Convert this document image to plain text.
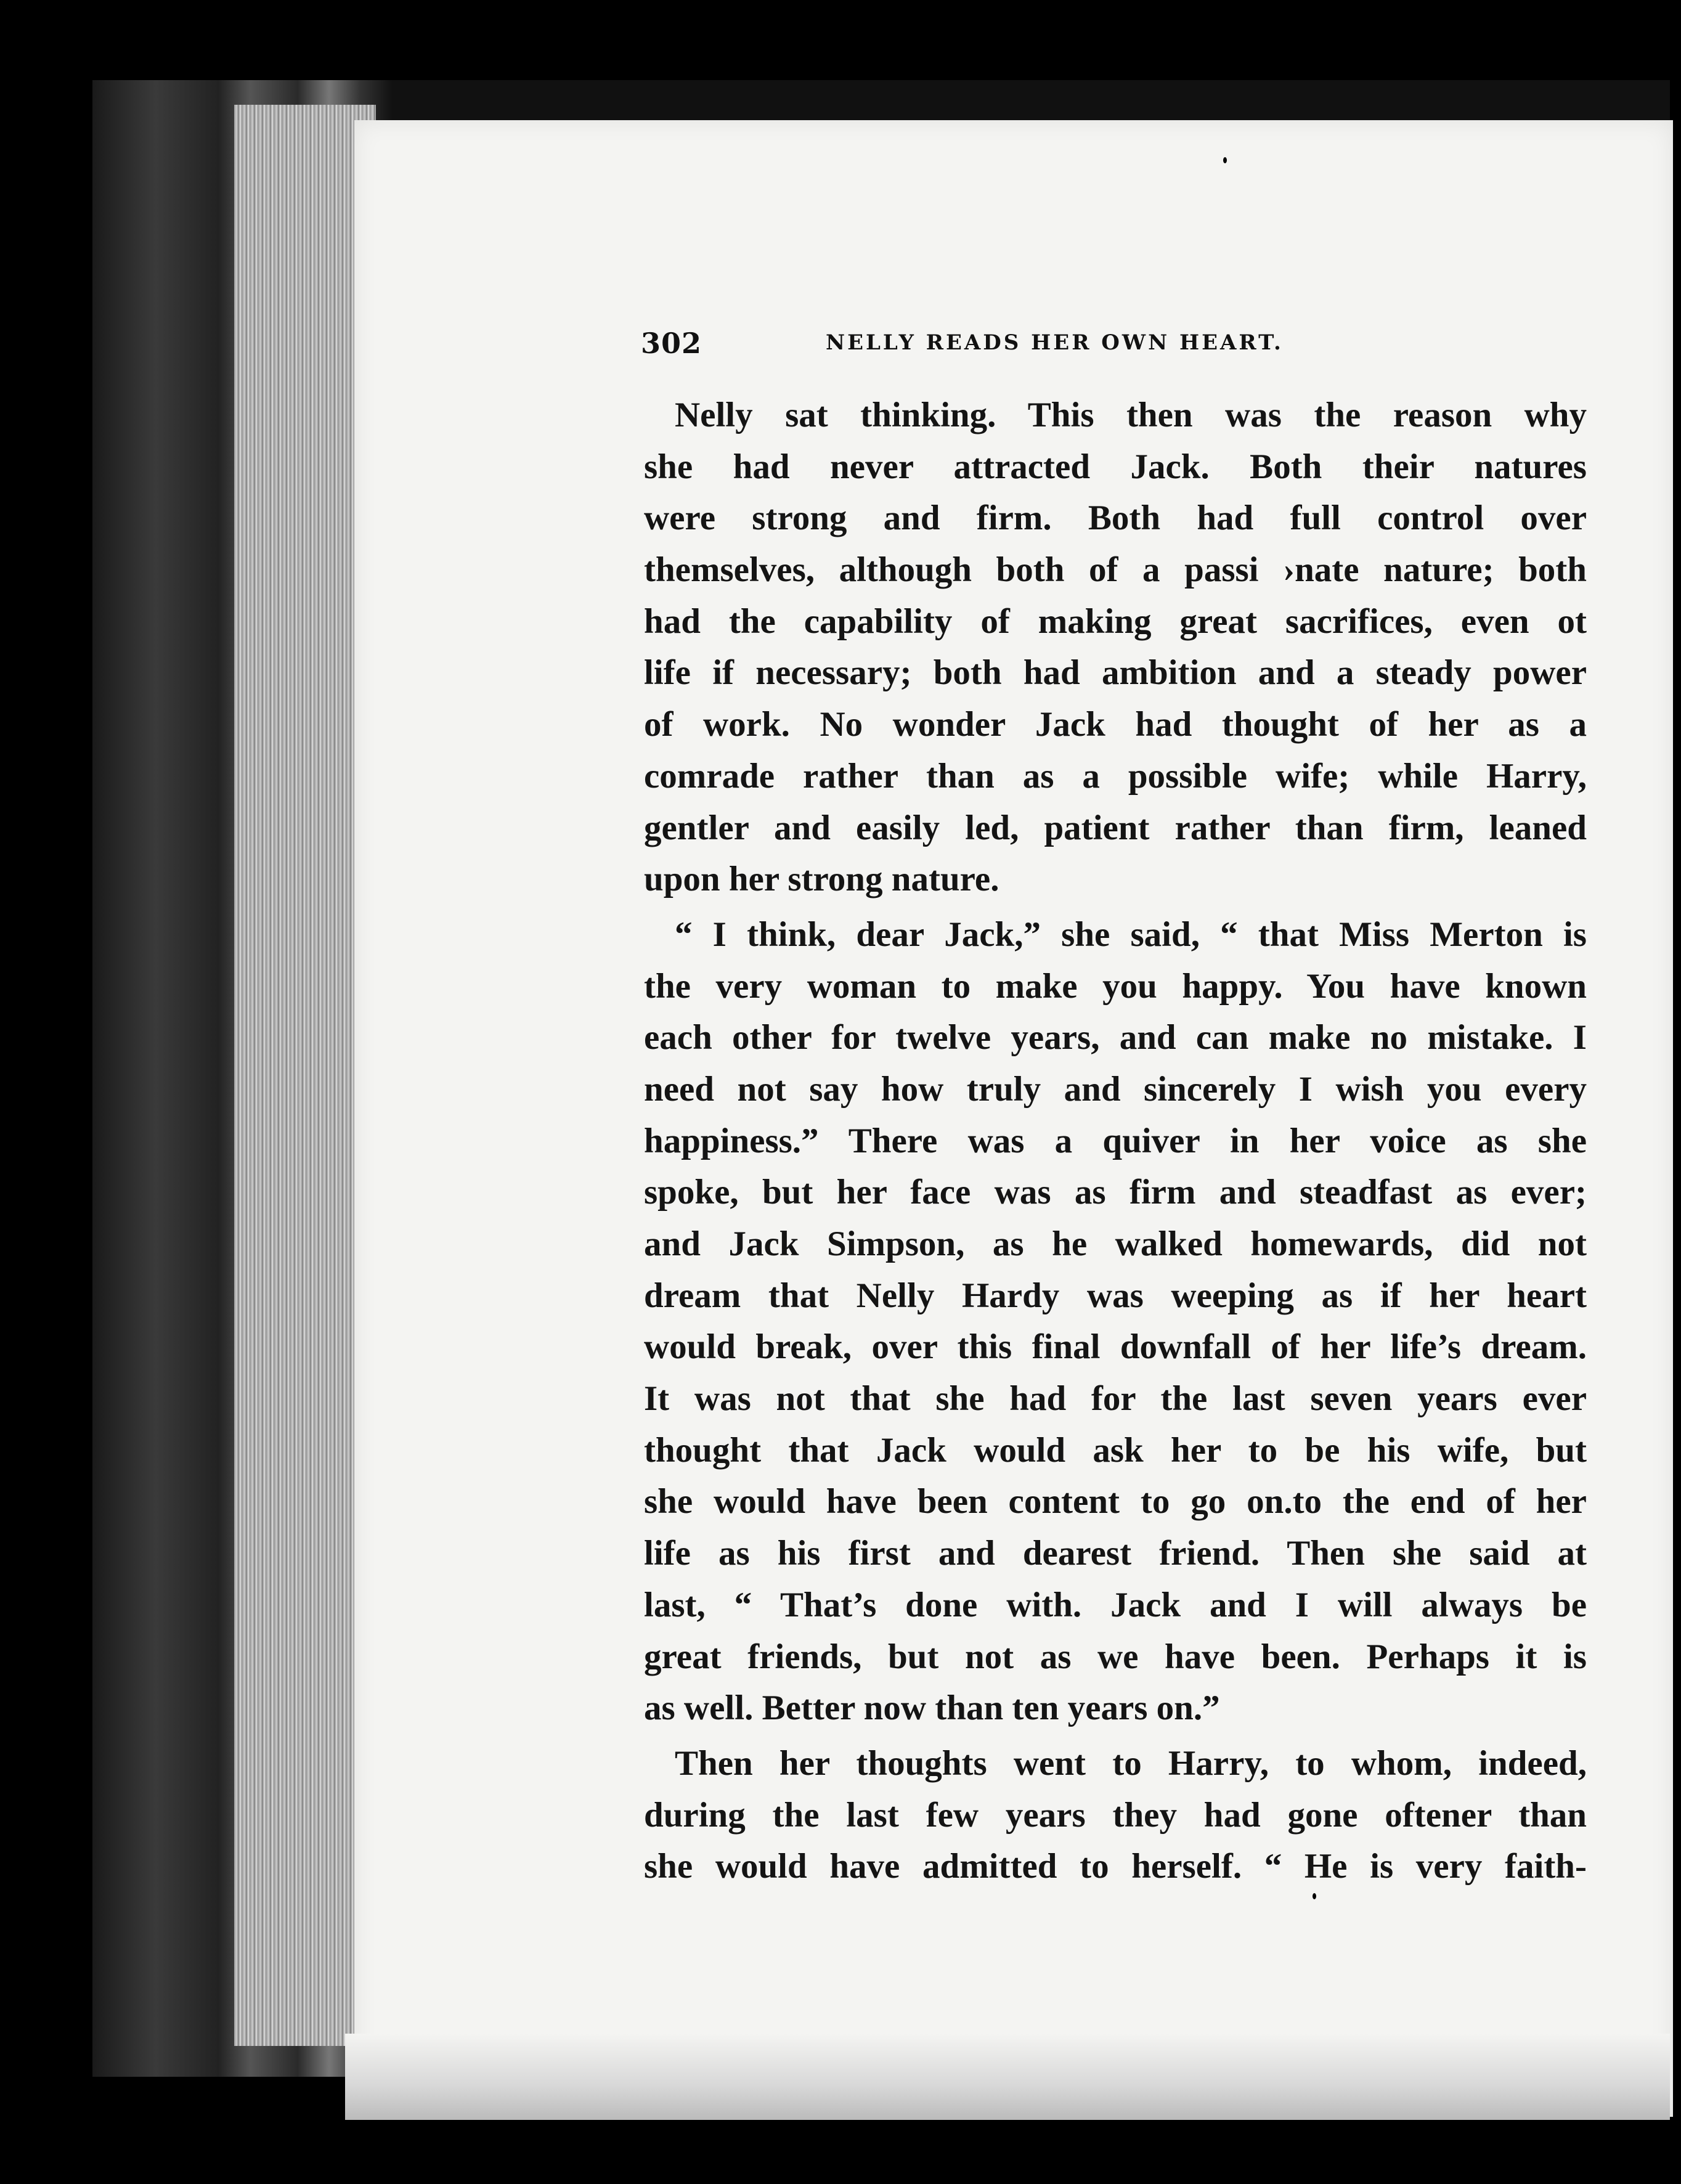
302	NELLY READS HER OWN HEART.
Nelly sat thinking. This then was the reason why
she had never attracted Jack. Both their natures
were strong and firm. Both had full control over
themselves, although both of a passi ›nate nature; both
had the capability of making great sacrifices, even ot
life if necessary; both had ambition and a steady power
of work. No wonder Jack had thought of her as a
comrade rather than as a possible wife; while Harry,
gentler and easily led, patient rather than firm, leaned
upon her strong nature.
“ I think, dear Jack,” she said, “ that Miss Merton is
the very woman to make you happy. You have known
each other for twelve years, and can make no mistake. I
need not say how truly and sincerely I wish you every
happiness.” There was a quiver in her voice as she
spoke, but her face was as firm and steadfast as ever;
and Jack Simpson, as he walked homewards, did not
dream that Nelly Hardy was weeping as if her heart
would break, over this final downfall of her life’s dream.
It was not that she had for the last seven years ever
thought that Jack would ask her to be his wife, but
she would have been content to go on.to the end of her
life as his first and dearest friend. Then she said at
last, “ That’s done with. Jack and I will always be
great friends, but not as we have been. Perhaps it is
as well. Better now than ten years on.”
Then her thoughts went to Harry, to whom, indeed,
during the last few years they had gone oftener than
she would have admitted to herself. “ He is very faith-
